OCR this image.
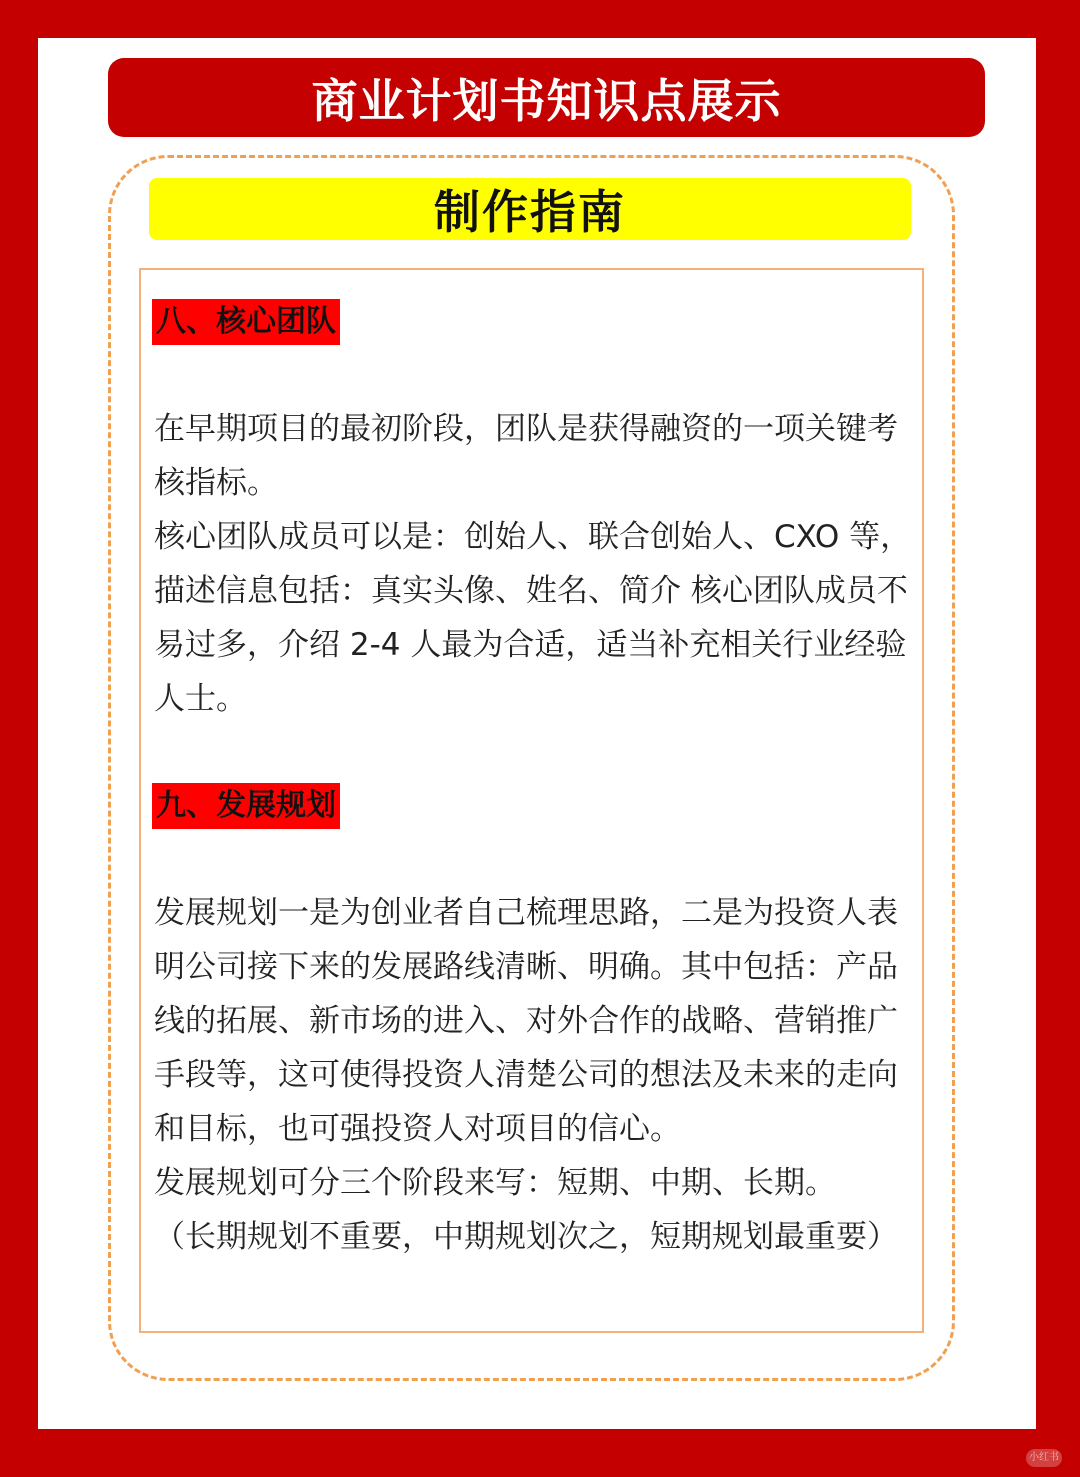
商业计划书知识点展示
制作指南
八、核心团队

在早期项目的最初阶段，团队是获得融资的一项关键考核指标。

核心团队成员可以是：创始人、联合创始人、CXO 等，描述信息包括：真实头像、姓名、简介 核心团队成员不易过多，介绍 2-4 人最为合适，适当补充相关行业经验人士。

九、发展规划

发展规划一是为创业者自己梳理思路，二是为投资人表明公司接下来的发展路线清晰、明确。其中包括：产品线的拓展、新市场的进入、对外合作的战略、营销推广手段等，这可使得投资人清楚公司的想法及未来的走向和目标，也可强投资人对项目的信心。

发展规划可分三个阶段来写：短期、中期、长期。

（长期规划不重要，中期规划次之，短期规划最重要）

小红书
